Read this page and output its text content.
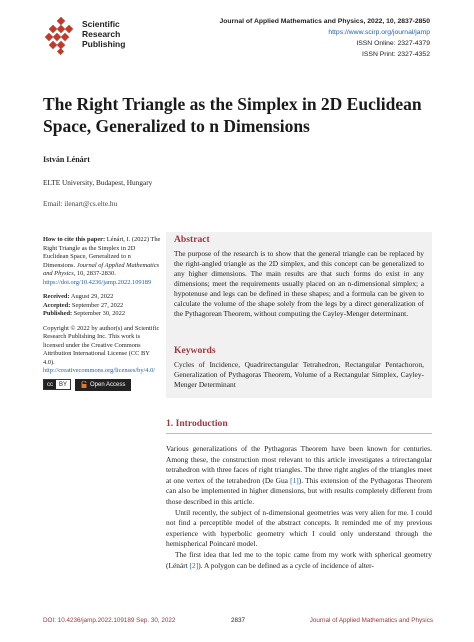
Scientific
Research
Publishing
Journal of Applied Mathematics and Physics, 2022, 10, 2837-2850
https://www.scirp.org/journal/jamp
ISSN Online: 2327-4379
ISSN Print: 2327-4352
The Right Triangle as the Simplex in 2D Euclidean Space, Generalized to n Dimensions
István Lénárt
ELTE University, Budapest, Hungary
Email: ilenart@cs.elte.hu

How to cite this paper: Lénárt, I. (2022) The Right Triangle as the Simplex in 2D Euclidean Space, Generalized to n Dimensions. Journal of Applied Mathematics and Physics, 10, 2837-2830.
https://doi.org/10.4236/jamp.2022.109189

Received: August 29, 2022
Accepted: September 27, 2022
Published: September 30, 2022

Copyright © 2022 by author(s) and Scientific Research Publishing Inc. This work is licensed under the Creative Commons Attribution International License (CC BY 4.0).
http://creativecommons.org/licenses/by/4.0/

cc	BY	Open Access
Abstract

The purpose of the research is to show that the general triangle can be replaced by the right-angled triangle as the 2D simplex, and this concept can be generalized to any higher dimensions. The main results are that such forms do exist in any dimensions; meet the requirements usually placed on an n-dimensional simplex; a hypotenuse and legs can be defined in these shapes; and a formula can be given to calculate the volume of the shape solely from the legs by a direct generalization of the Pythagorean Theorem, without computing the Cayley-Menger determinant.

Keywords

Cycles of Incidence, Quadrirectangular Tetrahedron, Rectangular Pentachoron, Generalization of Pythagoras Theorem, Volume of a Rectangular Simplex, Cayley-Menger Determinant

1. Introduction

Various generalizations of the Pythagoras Theorem have been known for centuries. Among these, the construction most relevant to this article investigates a trirectangular tetrahedron with three faces of right triangles. The three right angles of the triangles meet at one vertex of the tetrahedron (De Gua [1]). This extension of the Pythagoras Theorem can also be implemented in higher dimensions, but with results completely different from those described in this article.

Until recently, the subject of n-dimensional geometries was very alien for me. I could not find a perceptible model of the abstract concepts. It reminded me of my previous experience with hyperbolic geometry which I could only understand through the hemispherical Poincaré model.

The first idea that led me to the topic came from my work with spherical geometry (Lénárt [2]). A polygon can be defined as a cycle of incidence of alter-

DOI: 10.4236/jamp.2022.109189 Sep. 30, 2022	2837	Journal of Applied Mathematics and Physics
